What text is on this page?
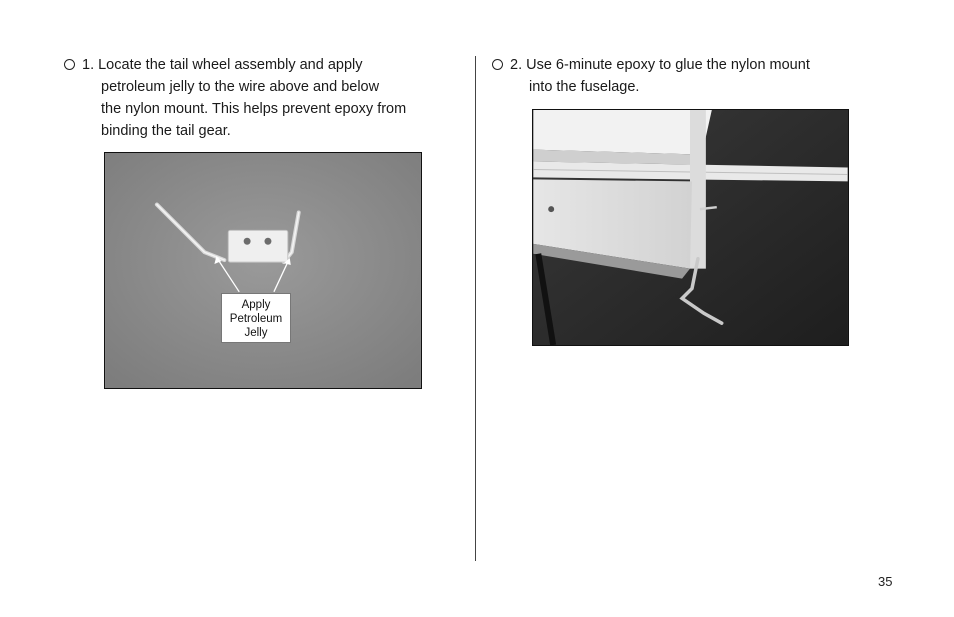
1. Locate the tail wheel assembly and apply
petroleum jelly to the wire above and below
the nylon mount. This helps prevent epoxy from
binding the tail gear.
2. Use 6-minute epoxy to glue the nylon mount
into the fuselage.
Apply
Petroleum
Jelly
35
